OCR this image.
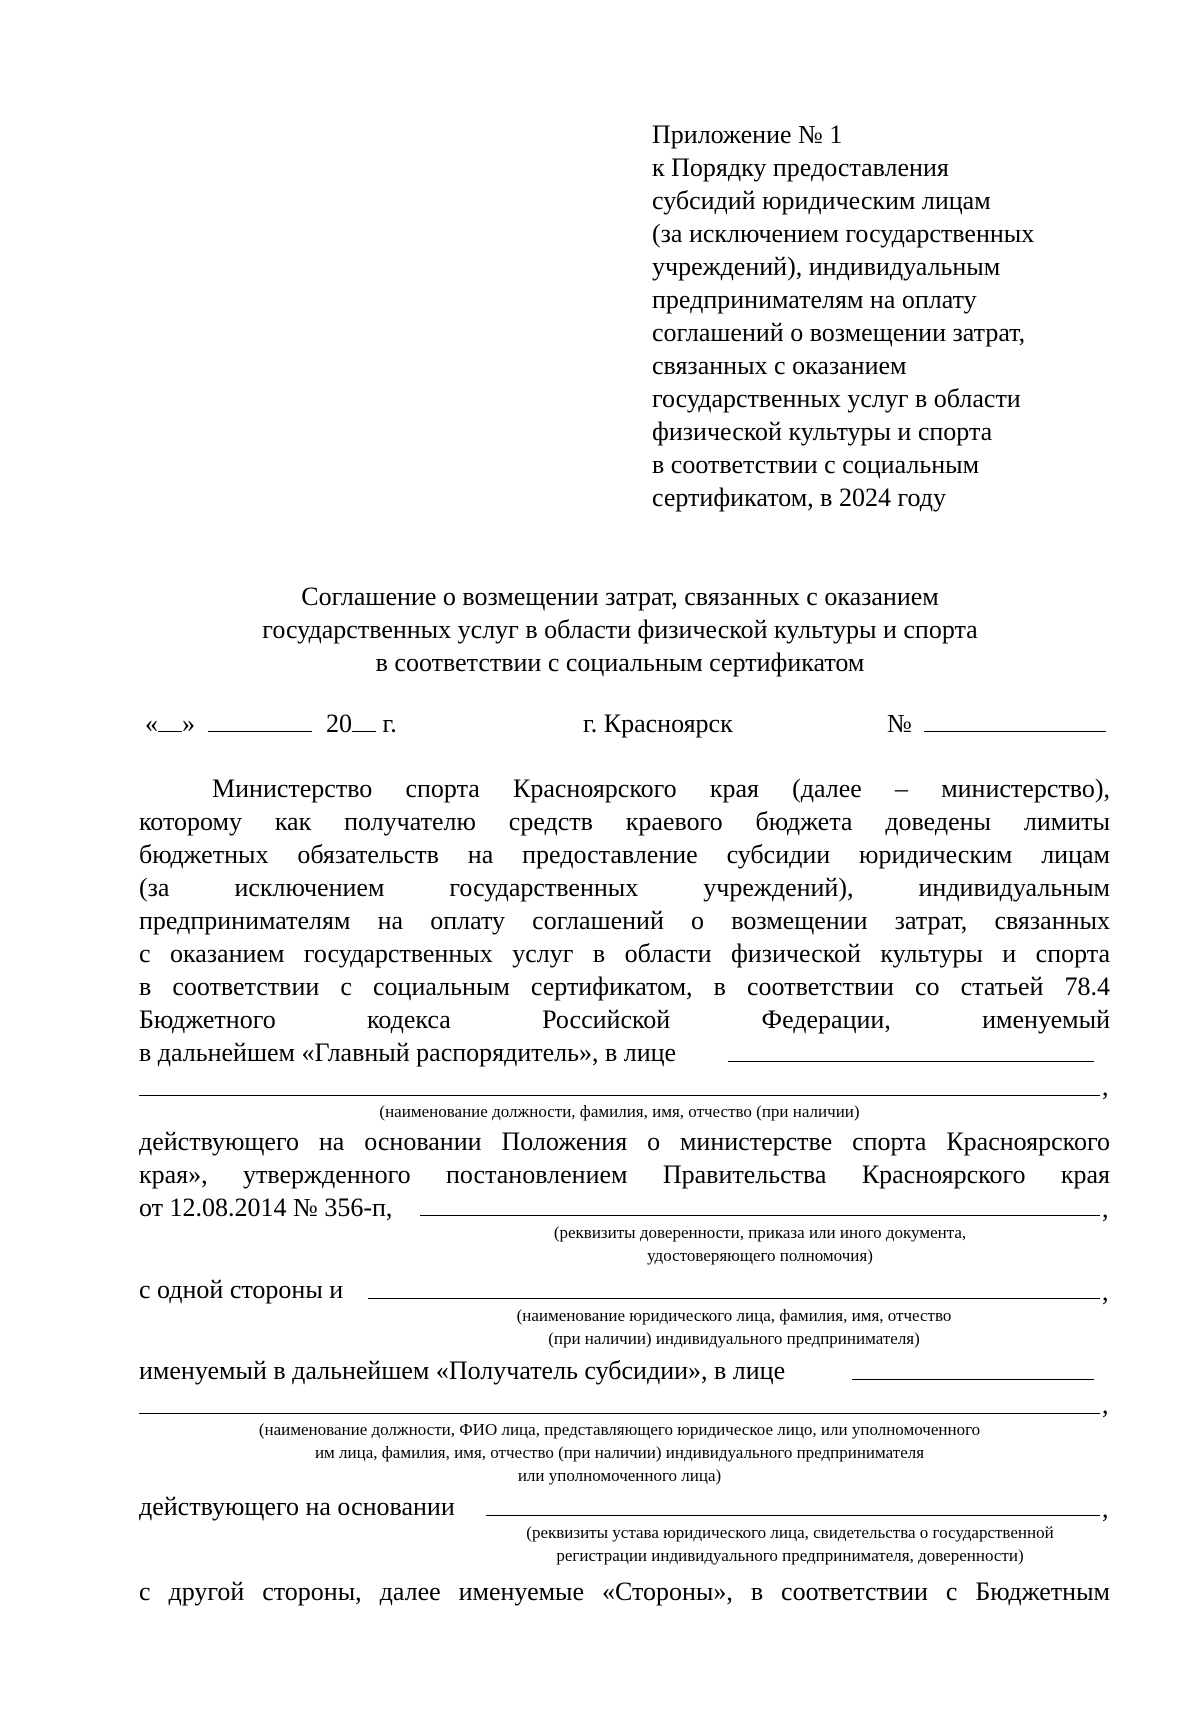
Приложение № 1
к Порядку предоставления
субсидий юридическим лицам
(за исключением государственных
учреждений), индивидуальным
предпринимателям на оплату
соглашений о возмещении затрат,
связанных с оказанием
государственных услуг в области
физической культуры и спорта
в соответствии с социальным
сертификатом, в 2024 году
Соглашение о возмещении затрат, связанных с оказанием
государственных услуг в области физической культуры и спорта
в соответствии с социальным сертификатом
« »	20 г.	г. Красноярск	№
Министерство спорта Красноярского края (далее – министерство),
которому как получателю средств краевого бюджета доведены лимиты
бюджетных обязательств на предоставление субсидии юридическим лицам
(за исключением государственных учреждений), индивидуальным
предпринимателям на оплату соглашений о возмещении затрат, связанных
с оказанием государственных услуг в области физической культуры и спорта
в соответствии с социальным сертификатом, в соответствии со статьей 78.4
Бюджетного кодекса Российской Федерации, именуемый
в дальнейшем «Главный распорядитель», в лице
,
(наименование должности, фамилия, имя, отчество (при наличии)
действующего на основании Положения о министерстве спорта Красноярского
края», утвержденного постановлением Правительства Красноярского края
от 12.08.2014 № 356-п,	,
(реквизиты доверенности, приказа или иного документа,
удостоверяющего полномочия)
с одной стороны и	,
(наименование юридического лица, фамилия, имя, отчество
(при наличии) индивидуального предпринимателя)
именуемый в дальнейшем «Получатель субсидии», в лице
,
(наименование должности, ФИО лица, представляющего юридическое лицо, или уполномоченного
им лица, фамилия, имя, отчество (при наличии) индивидуального предпринимателя
или уполномоченного лица)
действующего на основании	,
(реквизиты устава юридического лица, свидетельства о государственной
регистрации индивидуального предпринимателя, доверенности)
с другой стороны, далее именуемые «Стороны», в соответствии с Бюджетным
